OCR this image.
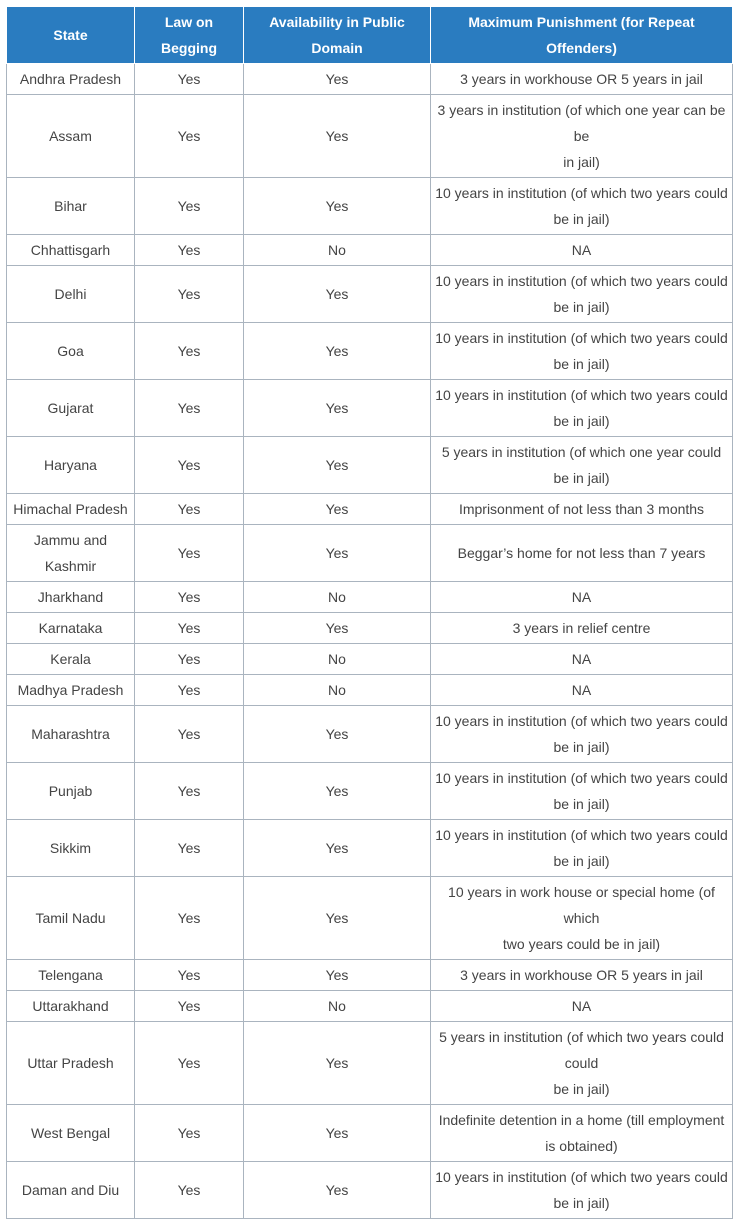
State	Law on Begging	Availability in Public Domain	Maximum Punishment (for Repeat Offenders)
Andhra Pradesh	Yes	Yes	3 years in workhouse OR 5 years in jail
Assam	Yes	Yes	3 years in institution (of which one year can be
be
in jail)
Bihar	Yes	Yes	10 years in institution (of which two years could be in jail)
Chhattisgarh	Yes	No	NA
Delhi	Yes	Yes	10 years in institution (of which two years could be in jail)
Goa	Yes	Yes	10 years in institution (of which two years could be in jail)
Gujarat	Yes	Yes	10 years in institution (of which two years could be in jail)
Haryana	Yes	Yes	5 years in institution (of which one year could be in jail)
Himachal Pradesh	Yes	Yes	Imprisonment of not less than 3 months
Jammu and Kashmir	Yes	Yes	Beggar’s home for not less than 7 years
Jharkhand	Yes	No	NA
Karnataka	Yes	Yes	3 years in relief centre
Kerala	Yes	No	NA
Madhya Pradesh	Yes	No	NA
Maharashtra	Yes	Yes	10 years in institution (of which two years could be in jail)
Punjab	Yes	Yes	10 years in institution (of which two years could be in jail)
Sikkim	Yes	Yes	10 years in institution (of which two years could be in jail)
Tamil Nadu	Yes	Yes	10 years in work house or special home (of which
two years could be in jail)
Telengana	Yes	Yes	3 years in workhouse OR 5 years in jail
Uttarakhand	Yes	No	NA
Uttar Pradesh	Yes	Yes	5 years in institution (of which two years could
could
be in jail)
West Bengal	Yes	Yes	Indefinite detention in a home (till employment is obtained)
Daman and Diu	Yes	Yes	10 years in institution (of which two years could be in jail)
